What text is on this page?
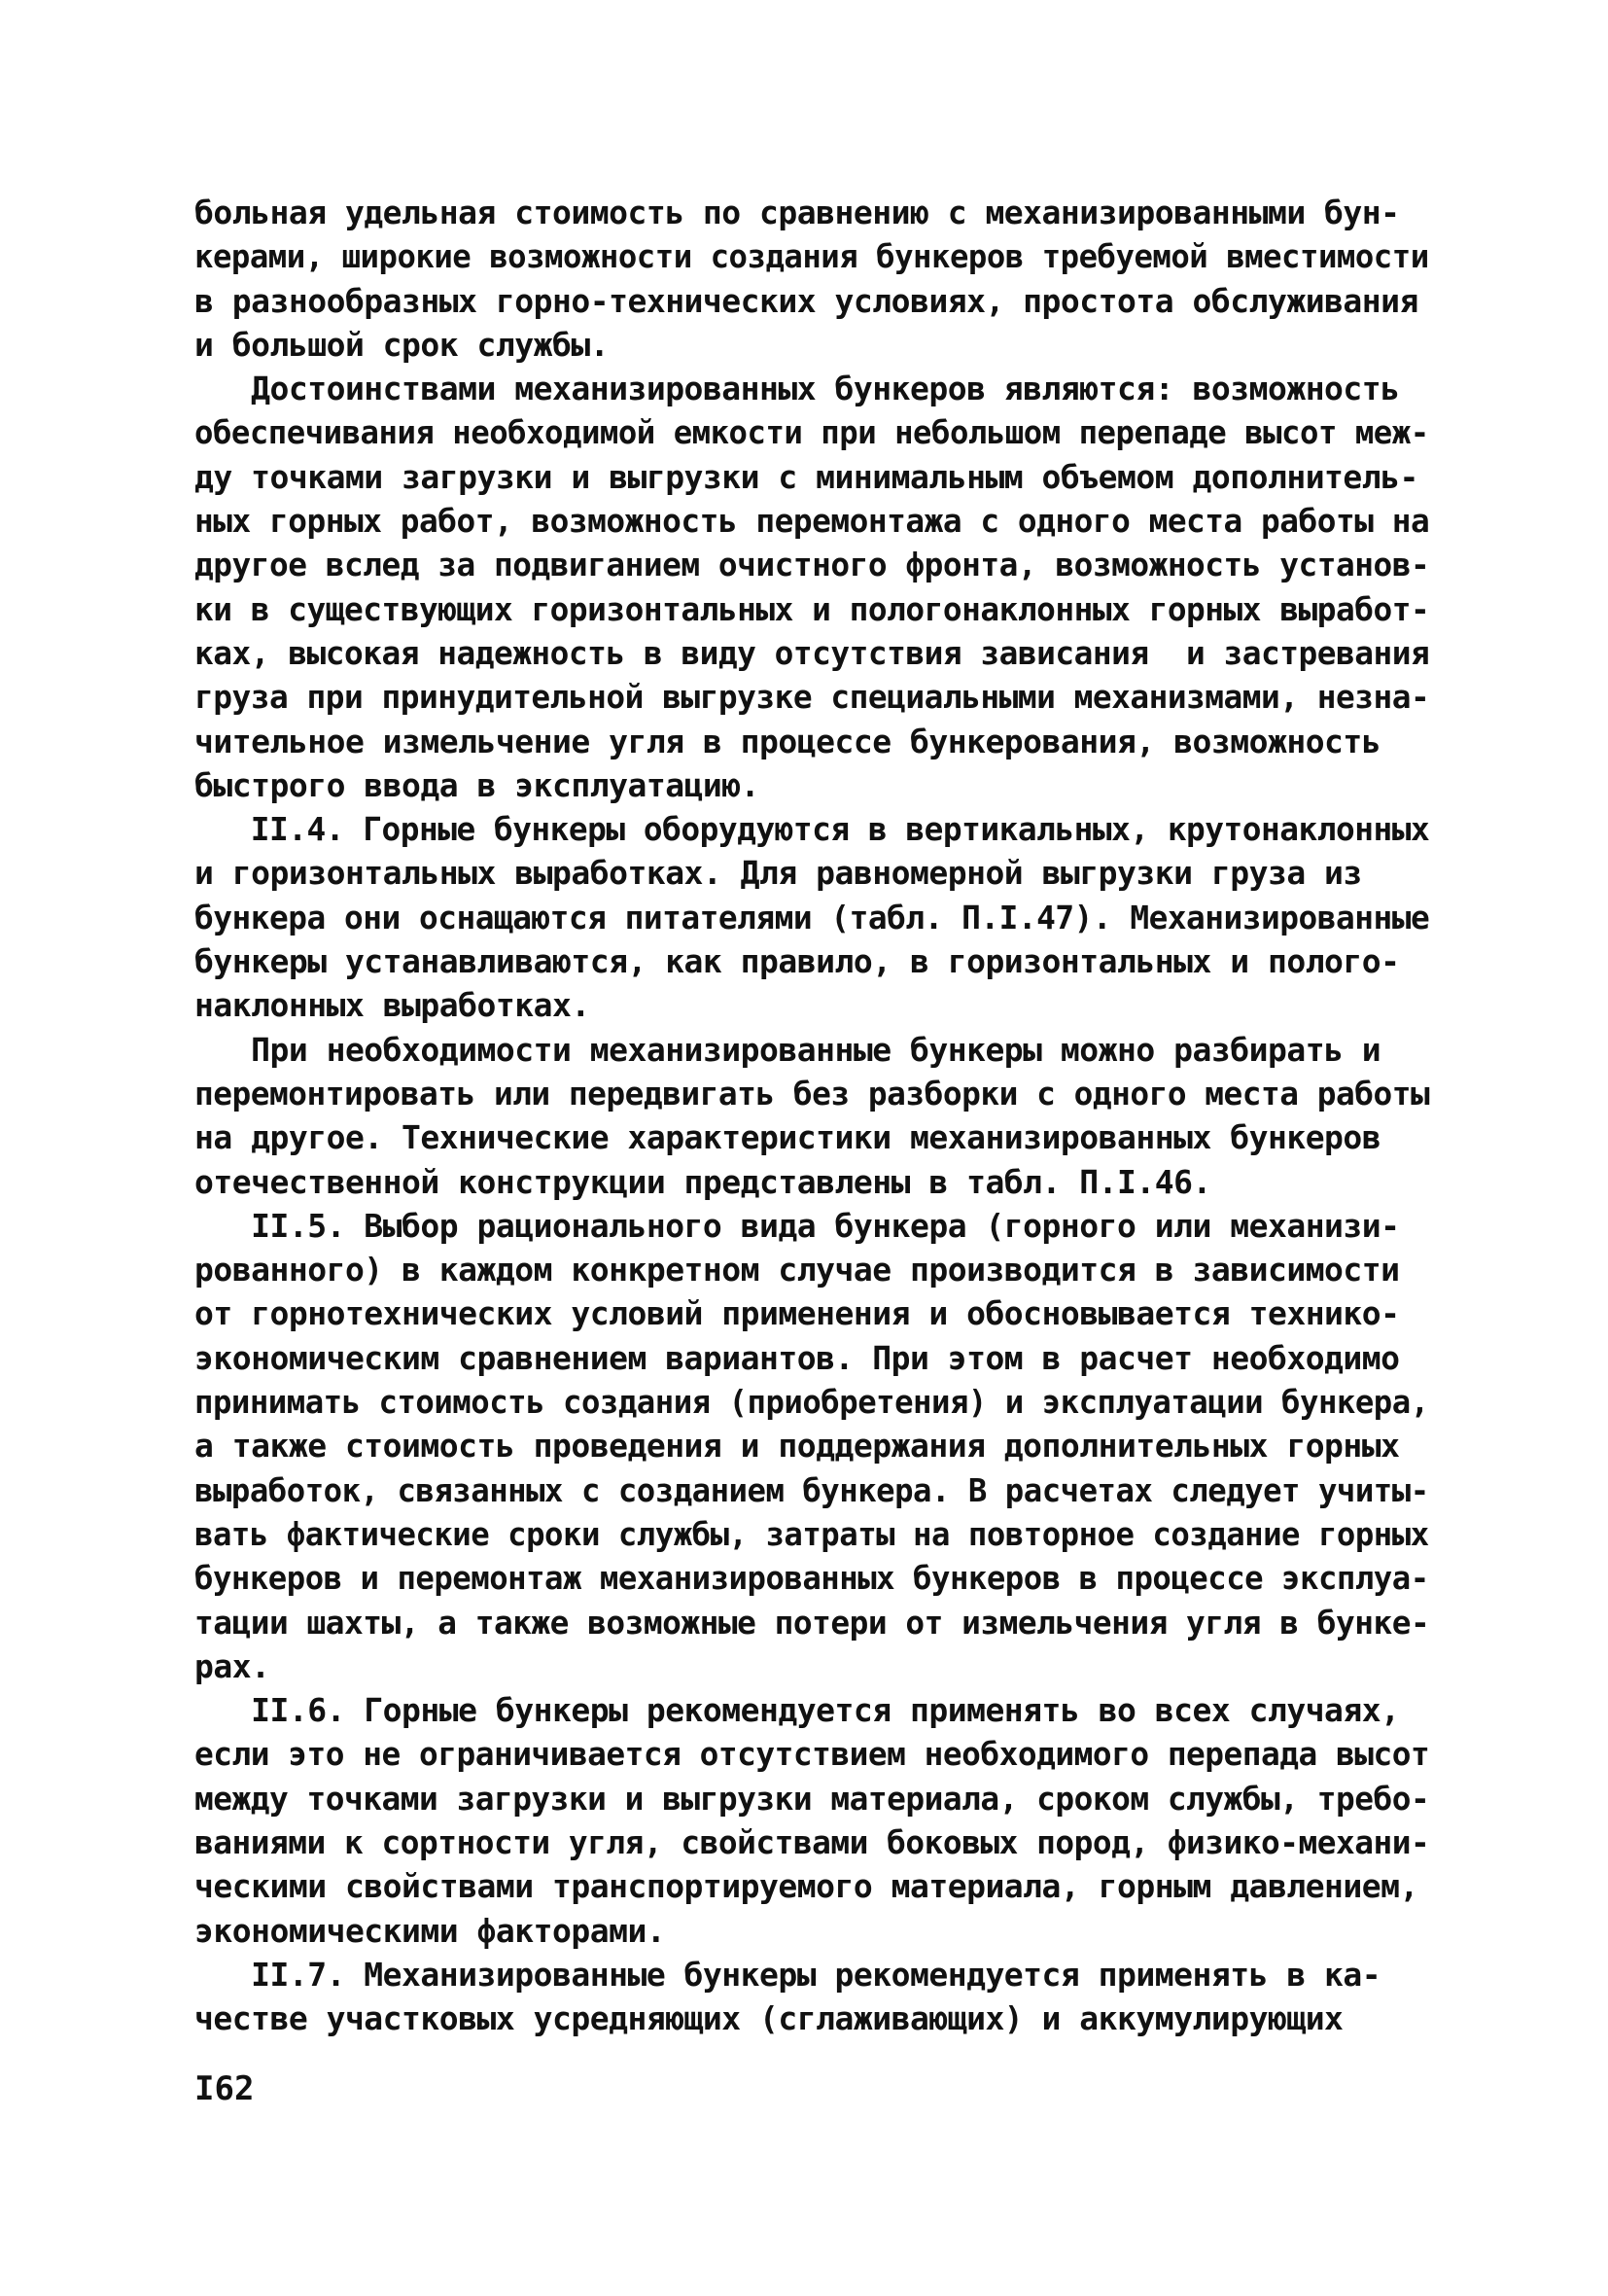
больная удельная стоимость по сравнению с механизированными бун-
керами, широкие возможности создания бункеров требуемой вместимости
в разнообразных горно-технических условиях, простота обслуживания
и большой срок службы.
Достоинствами механизированных бункеров являются: возможность
обеспечивания необходимой емкости при небольшом перепаде высот меж-
ду точками загрузки и выгрузки с минимальным объемом дополнитель-
ных горных работ, возможность перемонтажа с одного места работы на
другое вслед за подвиганием очистного фронта, возможность установ-
ки в существующих горизонтальных и пологонаклонных горных выработ-
ках, высокая надежность в виду отсутствия зависания  и застревания
груза при принудительной выгрузке специальными механизмами, незна-
чительное измельчение угля в процессе бункерования, возможность
быстрого ввода в эксплуатацию.
II.4. Горные бункеры оборудуются в вертикальных, крутонаклонных
и горизонтальных выработках. Для равномерной выгрузки груза из
бункера они оснащаются питателями (табл. П.I.47). Механизированные
бункеры устанавливаются, как правило, в горизонтальных и полого-
наклонных выработках.
При необходимости механизированные бункеры можно разбирать и
перемонтировать или передвигать без разборки с одного места работы
на другое. Технические характеристики механизированных бункеров
отечественной конструкции представлены в табл. П.I.46.
II.5. Выбор рационального вида бункера (горного или механизи-
рованного) в каждом конкретном случае производится в зависимости
от горнотехнических условий применения и обосновывается технико-
экономическим сравнением вариантов. При этом в расчет необходимо
принимать стоимость создания (приобретения) и эксплуатации бункера,
а также стоимость проведения и поддержания дополнительных горных
выработок, связанных с созданием бункера. В расчетах следует учиты-
вать фактические сроки службы, затраты на повторное создание горных
бункеров и перемонтаж механизированных бункеров в процессе эксплуа-
тации шахты, а также возможные потери от измельчения угля в бунке-
рах.
II.6. Горные бункеры рекомендуется применять во всех случаях,
если это не ограничивается отсутствием необходимого перепада высот
между точками загрузки и выгрузки материала, сроком службы, требо-
ваниями к сортности угля, свойствами боковых пород, физико-механи-
ческими свойствами транспортируемого материала, горным давлением,
экономическими факторами.
II.7. Механизированные бункеры рекомендуется применять в ка-
честве участковых усредняющих (сглаживающих) и аккумулирующих
I62
